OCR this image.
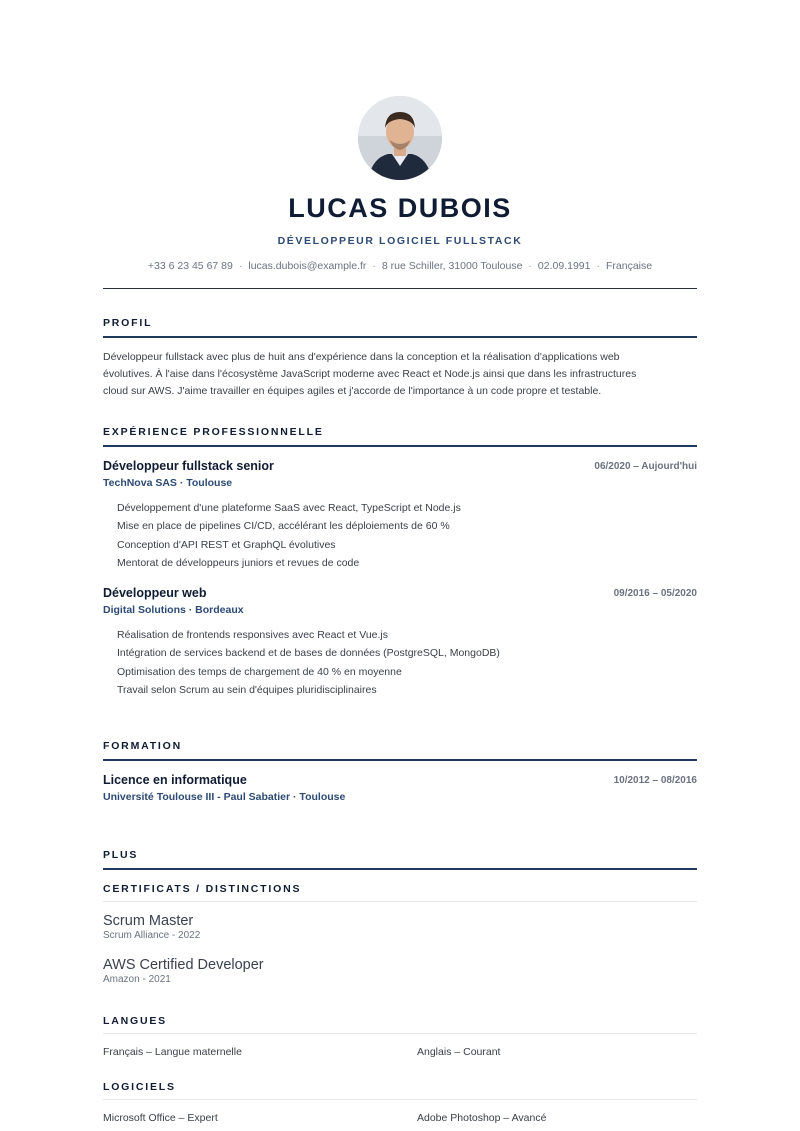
LUCAS DUBOIS
DÉVELOPPEUR LOGICIEL FULLSTACK
+33 6 23 45 67 89 · lucas.dubois@example.fr · 8 rue Schiller, 31000 Toulouse · 02.09.1991 · Française
PROFIL
Développeur fullstack avec plus de huit ans d'expérience dans la conception et la réalisation d'applications web
évolutives. À l'aise dans l'écosystème JavaScript moderne avec React et Node.js ainsi que dans les infrastructures
cloud sur AWS. J'aime travailler en équipes agiles et j'accorde de l'importance à un code propre et testable.
EXPÉRIENCE PROFESSIONNELLE
Développeur fullstack senior	06/2020 – Aujourd'hui
TechNova SAS · Toulouse
Développement d'une plateforme SaaS avec React, TypeScript et Node.js
Mise en place de pipelines CI/CD, accélérant les déploiements de 60 %
Conception d'API REST et GraphQL évolutives
Mentorat de développeurs juniors et revues de code
Développeur web	09/2016 – 05/2020
Digital Solutions · Bordeaux
Réalisation de frontends responsives avec React et Vue.js
Intégration de services backend et de bases de données (PostgreSQL, MongoDB)
Optimisation des temps de chargement de 40 % en moyenne
Travail selon Scrum au sein d'équipes pluridisciplinaires
FORMATION
Licence en informatique	10/2012 – 08/2016
Université Toulouse III - Paul Sabatier · Toulouse
PLUS
CERTIFICATS / DISTINCTIONS
Scrum Master
Scrum Alliance - 2022
AWS Certified Developer
Amazon - 2021
LANGUES
Français – Langue maternelle	Anglais – Courant
LOGICIELS
Microsoft Office – Expert	Adobe Photoshop – Avancé
